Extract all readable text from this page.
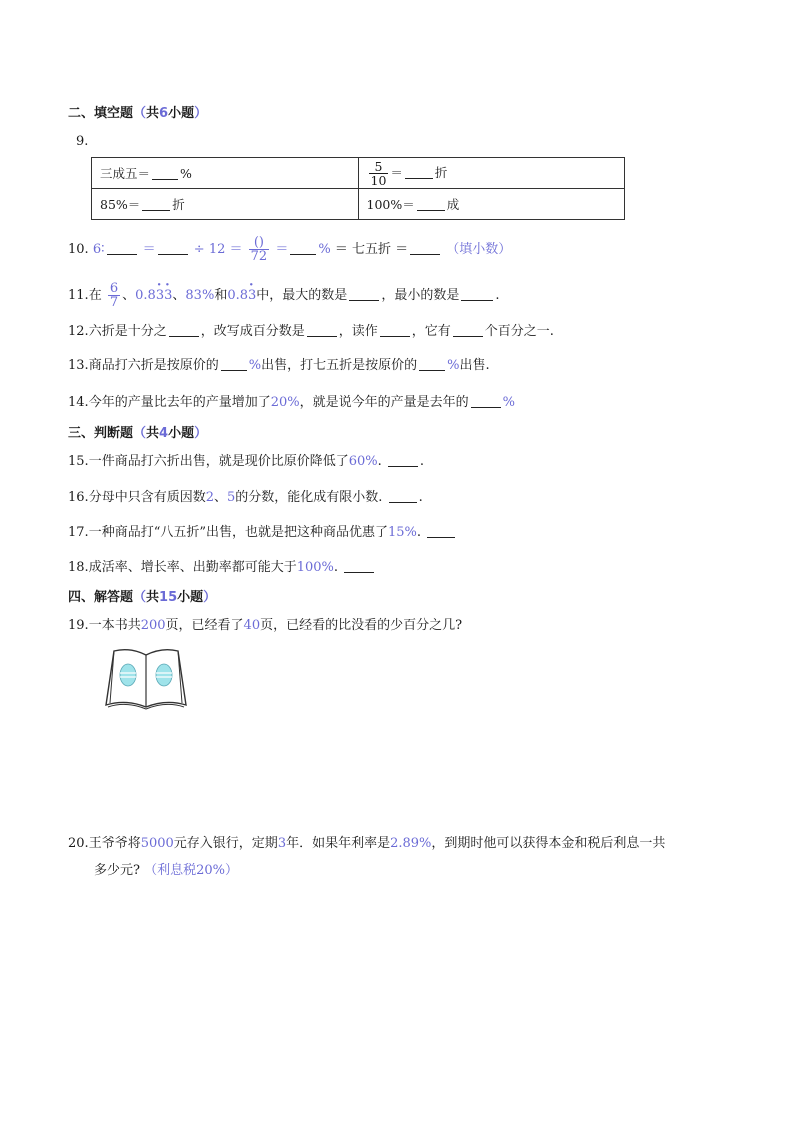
二、填空题（共6小题）
9.
三成五＝ %	$\frac{5}{10}$ ＝ 折
85%＝ 折	100%＝ 成
10. 6∶	＝	÷ $12 = \frac{()}{72}$ ＝ % ＝ 七五折 ＝	（填小数）
11.在 $\frac{6}{7}$ 、0.8· 3· 3、83%和0.8· 3中，最大的数是	，最小的数是	.
12.六折是十分之	，改写成百分数是	，读作	，它有	个百分之一.
13.商品打六折是按原价的 %出售，打七五折是按原价的 %出售.
14.今年的产量比去年的产量增加了20%，就是说今年的产量是去年的	%
三、判断题（共4小题）
15.一件商品打六折出售，就是现价比原价降低了60%.	.
16.分母中只含有质因数2、5的分数，能化成有限小数.	.
17.一种商品打“八五折”出售，也就是把这种商品优惠了15%.
18.成活率、增长率、出勤率都可能大于100%.
四、解答题（共15小题）
19.一本书共200页，已经看了40页，已经看的比没看的少百分之几?
20.王爷爷将5000元存入银行，定期3年．如果年利率是2.89%，到期时他可以获得本金和税后利息一共
多少元? （利息税20%）
